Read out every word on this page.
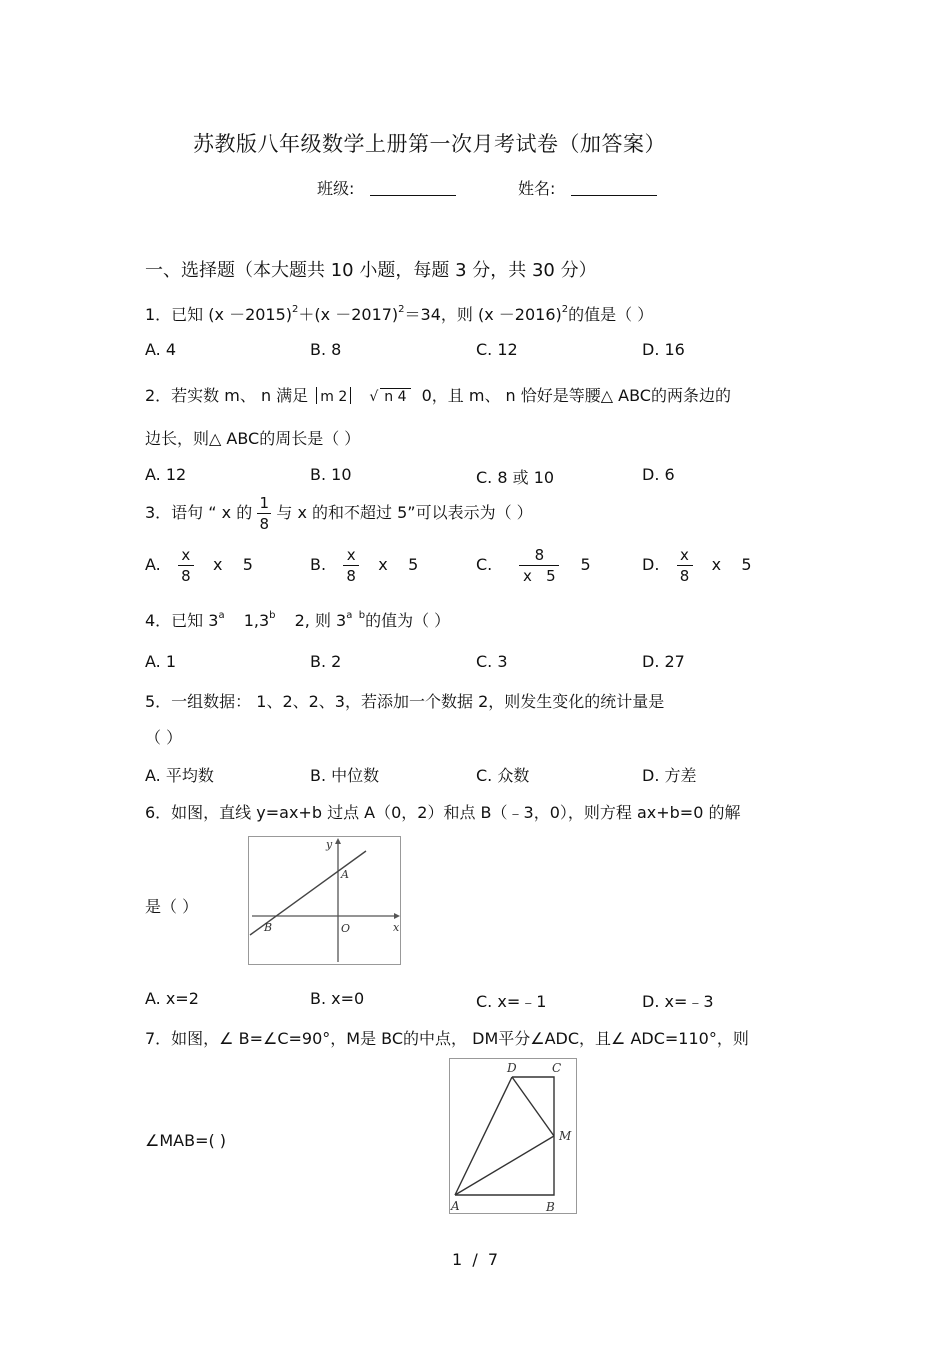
苏教版八年级数学上册第一次月考试卷（加答案）
班级:	姓名:
一、选择题（本大题共 10 小题，每题 3 分，共 30 分）
1．已知 $(x -2015)^2+(x -2017)^2=34$，则 $(x -2016)^2$的值是（ ）
A. 4	B. 8	C. 12	D. 16
2．若实数 m、 n 满足 m 2 √ n 4 0，且 m、 n 恰好是等腰△ ABC的两条边的
边长，则△ ABC的周长是（ ）
A. 12	B. 10	C. 8 或 10	D. 6
3．语句 “ x 的 $\frac{1}{8}$ 与 x 的和不超过 5”可以表示为（ ）
A. $\frac{x}{8}$ x    5	B. $\frac{x}{8}$ x    5	C. $\frac{8}{x 5} 5$	D. $\frac{x}{8}$ x    5
4．已知 3$^a$ 1,3$^b$ 2, 则 $3^{a b}$的值为（ ）
A. 1	B. 2	C. 3	D. 27
5．一组数据： 1、2、2、3，若添加一个数据 2，则发生变化的统计量是
（ ）
A. 平均数	B. 中位数	C. 众数	D. 方差
6．如图，直线 y=ax+b 过点 A（0，2）和点 B（﹣3，0），则方程 ax+b=0 的解
是（ ）
y
x
A
B	O
A. x=2	B. x=0	C. x=﹣1	D. x=﹣3
7．如图，∠ B=∠C=90°，M是 BC的中点， DM平分∠ADC，且∠ ADC=110°，则
∠MAB=( )
D	C
M
A	B
1  /  7
